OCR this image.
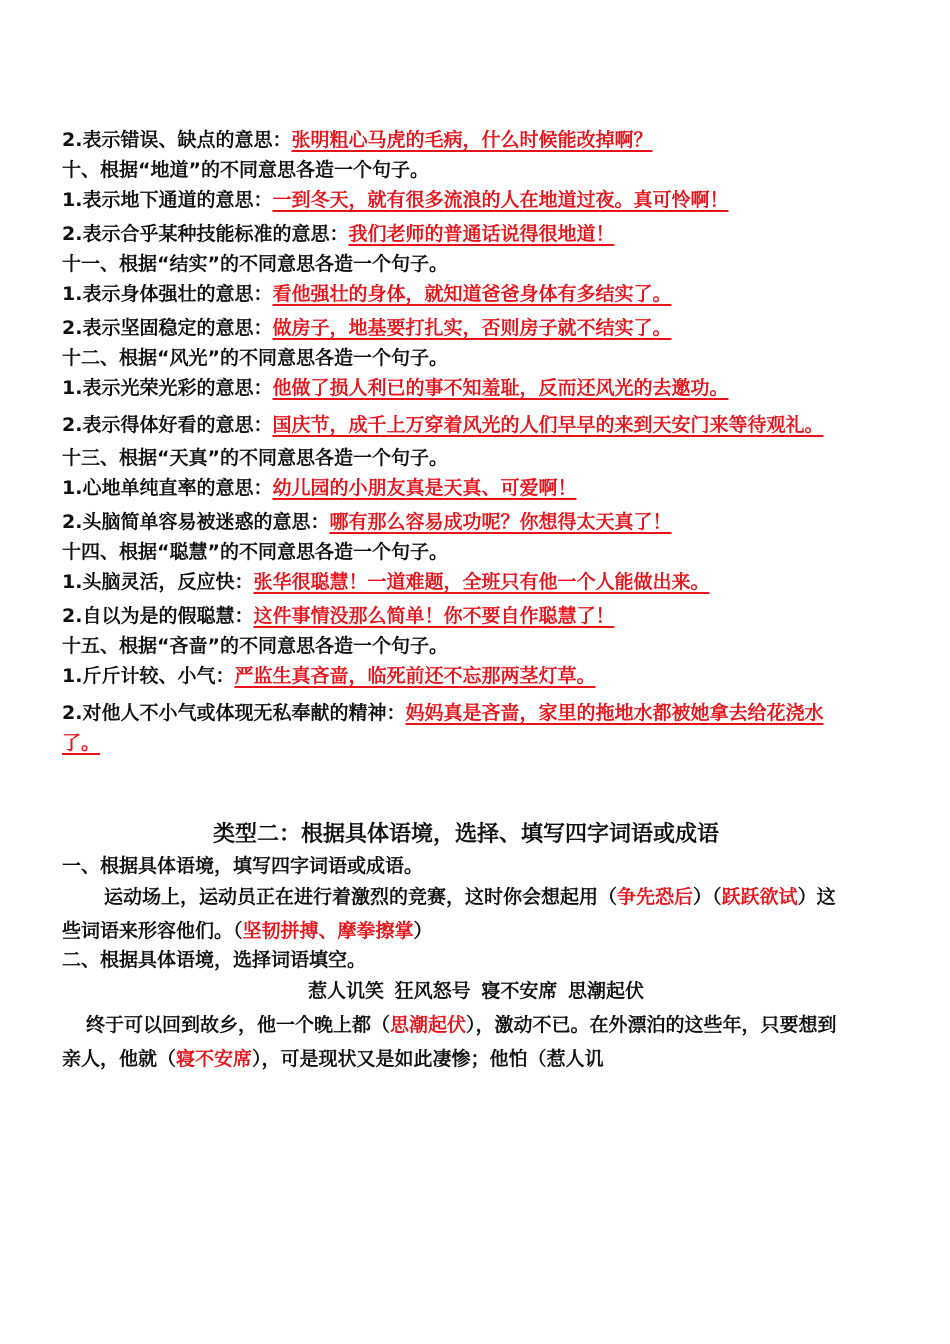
2.表示错误、缺点的意思：张明粗心马虎的毛病，什么时候能改掉啊？
十、根据“地道”的不同意思各造一个句子。
1.表示地下通道的意思：一到冬天，就有很多流浪的人在地道过夜。真可怜啊！
2.表示合乎某种技能标准的意思：我们老师的普通话说得很地道！
十一、根据“结实”的不同意思各造一个句子。
1.表示身体强壮的意思：看他强壮的身体，就知道爸爸身体有多结实了。
2.表示坚固稳定的意思：做房子，地基要打扎实，否则房子就不结实了。
十二、根据“风光”的不同意思各造一个句子。
1.表示光荣光彩的意思：他做了损人利已的事不知羞耻，反而还风光的去邀功。
2.表示得体好看的意思：国庆节，成千上万穿着风光的人们早早的来到天安门来等待观礼。
十三、根据“天真”的不同意思各造一个句子。
1.心地单纯直率的意思：幼儿园的小朋友真是天真、可爱啊！
2.头脑简单容易被迷惑的意思：哪有那么容易成功呢？你想得太天真了！
十四、根据“聪慧”的不同意思各造一个句子。
1.头脑灵活，反应快：张华很聪慧！一道难题，全班只有他一个人能做出来。
2.自以为是的假聪慧：这件事情没那么简单！你不要自作聪慧了！
十五、根据“吝啬”的不同意思各造一个句子。
1.斤斤计较、小气：严监生真吝啬，临死前还不忘那两茎灯草。
2.对他人不小气或体现无私奉献的精神：妈妈真是吝啬，家里的拖地水都被她拿去给花浇水了。
类型二：根据具体语境，选择、填写四字词语或成语
一、根据具体语境，填写四字词语或成语。
运动场上，运动员正在进行着激烈的竞赛，这时你会想起用（争先恐后）（跃跃欲试）这些词语来形容他们。（坚韧拼搏、摩拳擦掌）
二、根据具体语境，选择词语填空。
惹人讥笑 狂风怒号 寝不安席 思潮起伏
终于可以回到故乡，他一个晚上都（思潮起伏），激动不已。在外漂泊的这些年，只要想到亲人，他就（寝不安席），可是现状又是如此凄惨；他怕（惹人讥
